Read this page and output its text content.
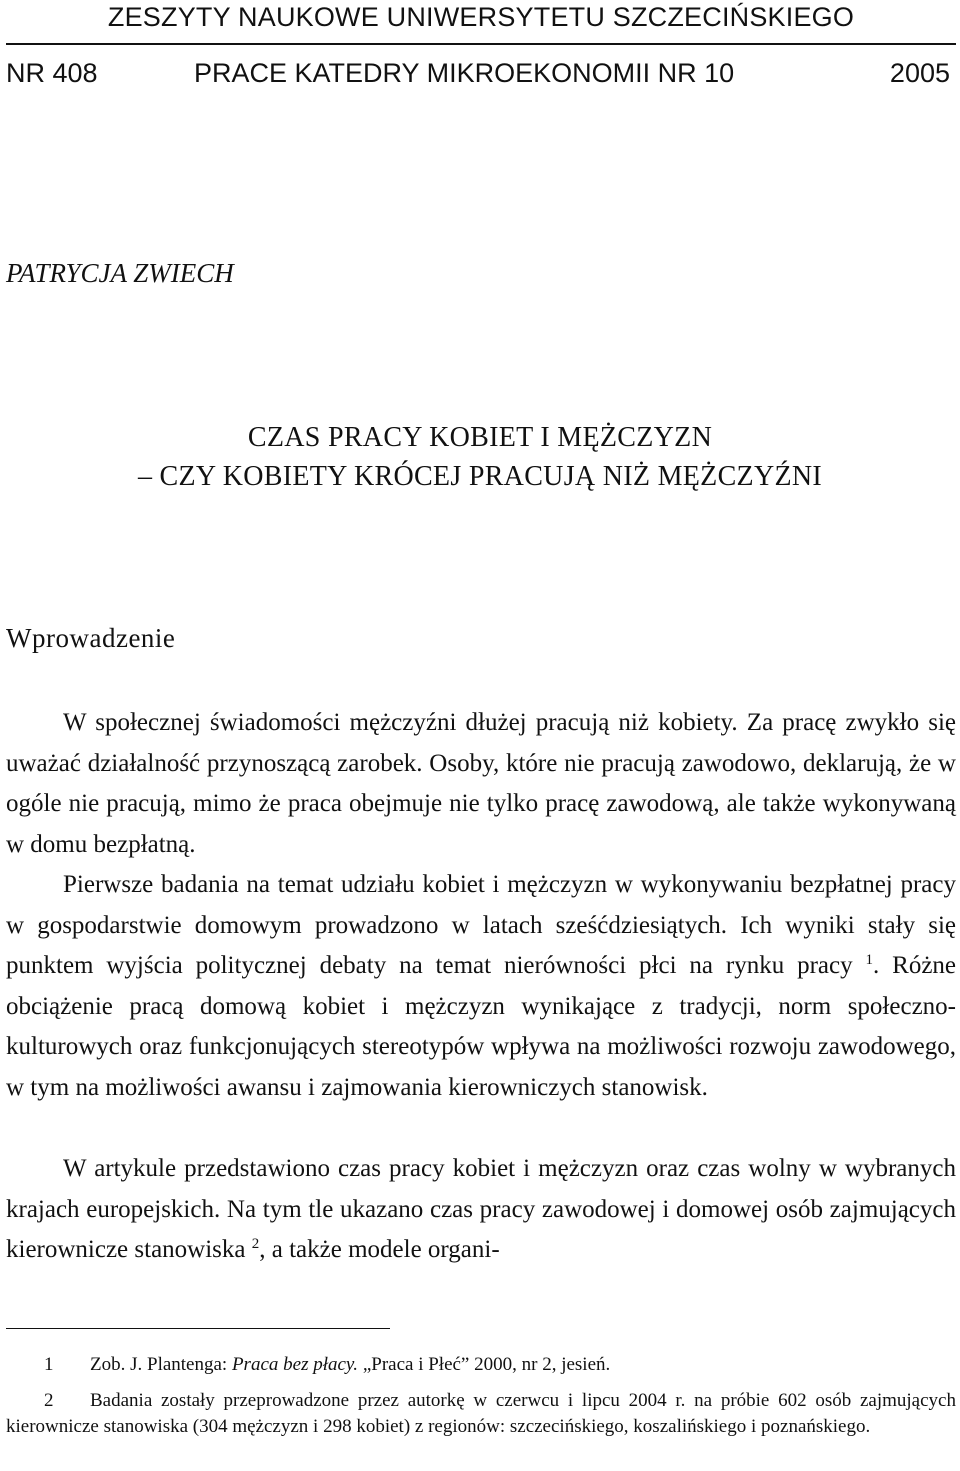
ZESZYTY NAUKOWE UNIWERSYTETU SZCZECIŃSKIEGO
NR 408	PRACE KATEDRY MIKROEKONOMII NR 10	2005
PATRYCJA ZWIECH
CZAS PRACY KOBIET I MĘŻCZYZN
– CZY KOBIETY KRÓCEJ PRACUJĄ NIŻ MĘŻCZYŹNI
Wprowadzenie
W społecznej świadomości mężczyźni dłużej pracują niż kobiety. Za pracę zwykło się uważać działalność przynoszącą zarobek. Osoby, które nie pracują zawodowo, deklarują, że w ogóle nie pracują, mimo że praca obejmuje nie tylko pracę zawodową, ale także wykonywaną w domu bezpłatną.
Pierwsze badania na temat udziału kobiet i mężczyzn w wykonywaniu bezpłatnej pracy w gospodarstwie domowym prowadzono w latach sześćdziesiątych. Ich wyniki stały się punktem wyjścia politycznej debaty na temat nierówności płci na rynku pracy $^1$. Różne obciążenie pracą domową kobiet i mężczyzn wynikające z tradycji, norm społeczno-kulturowych oraz funkcjonujących stereotypów wpływa na możliwości rozwoju zawodowego, w tym na możliwości awansu i zajmowania kierowniczych stanowisk.
W artykule przedstawiono czas pracy kobiet i mężczyzn oraz czas wolny w wybranych krajach europejskich. Na tym tle ukazano czas pracy zawodowej i domowej osób zajmujących kierownicze stanowiska $^2$, a także modele organi-
1 Zob. J. Plantenga: Praca bez płacy. „Praca i Płeć” 2000, nr 2, jesień.
2 Badania zostały przeprowadzone przez autorkę w czerwcu i lipcu 2004 r. na próbie 602 osób zajmujących kierownicze stanowiska (304 mężczyzn i 298 kobiet) z regionów: szczecińskiego, koszalińskiego i poznańskiego.
